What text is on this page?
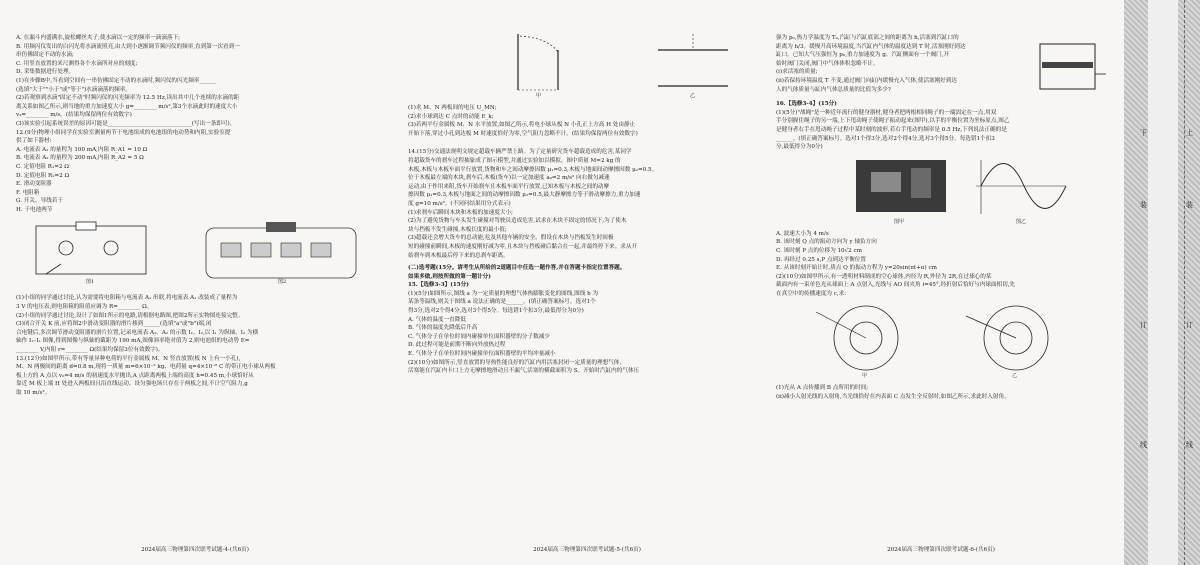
A. 在漏斗内盛满水,旋松螺丝夹子,使水滴以一定的频率一滴滴落下;

B. 用频闪仪发出的白闪光将水滴流照亮,由大到小逐渐调节频闪仪的频率,直到第一次看到一

串仿佛固定不动的水滴;

C. 用竖直放置的米尺测得各个水滴所对应的刻度;

D. 采集数据进行处理。

(1)在步骤B中,当看到空间有一串仿佛固定不动的水滴时,频闪仪的闪光频率______

(选填"大于""小于"或"等于")水滴滴落的频率。

(2)若观察到水滴"固定不动"时频闪仪的闪光频率为 12.5 Hz,读出其中几个连续的水滴的距

离关系如图乙所示,则当地的重力加速度大小 g=________ m/s²,第3个水滴此时的速度大小

v₃=________ m/s。(结果均保留两位有效数字)

(3)该实验引起系统误差的原因可能是______________________________(写出一条即可)。

12.(9分)物理小组同学在实验室测量两节干电池组成的电池组的电动势和内阻,实验室提

供了如下器材:

A. 电流表 A₁ 的量程为 100 mA,内阻 R_A1 = 10 Ω

B. 电流表 A₂ 的量程为 200 mA,内阻 R_A2 = 5 Ω

C. 定值电阻 R₁=2 Ω

D. 定值电阻 R₂=2 Ω

E. 滑动变阻器

F. 电阻箱

G. 开关、导线若干

H. 干电池两节

图1	图2

(1)小组的同学通过讨论,认为需要将电阻箱与电流表 A₁ 串联,将电流表 A₁ 改装成了量程为

3 V 的电压表,则电阻箱的阻值应调为 R=________ Ω。

(2)小组的同学通过讨论,设计了如图1所示的电路,请根据电路图,把图2所示实物图连接完整。

(3)闭合开关 K 前,应将图2中滑动变阻器的滑片移到______(选填"a"或"b")端,闭

合电键后,多次调节滑动变阻器的滑片位置,记录电流表 A₁、A₂ 的示数 I₁、I₂,以 I₁ 为纵轴、I₂ 为横

轴作 I₁–I₂ 图像,得到图像与纵轴的截距为 190 mA,图像斜率绝对值为 2,则电池组的电动势 E=

________ V,内阻 r=________ Ω(结果均保留3位有效数字)。

13.(12分)如图甲所示,带有等量异种电荷的平行金属板 M、N 竖直放置(板 N 上有一小孔),

M、N 两极间的距离 d=0.8 m,现将一质量 m=6×10⁻² kg、电荷量 q=4×10⁻⁶ C 的带正电小球从两板

板上方的 A 点以 v₀=4 m/s 的初速度水平抛出,A 点距离两板上端的高度 h=0.45 m,小球恰好从

靠近 M 板上端 H 处进入两板间且沿直线运动。设匀强电场只存在于两板之间,不计空气阻力,g

取 10 m/s²。

2024届高三物理第四次联考试题-4-(共6页)
甲	乙

(1)求 M、N 两板间的电压 U_MN;

(2)求小球到达 C 点时的动能 E_k;

(3)若两平行金属板 M、N 水平放置,如图乙所示,将电小球从板 N 小孔正上方高 H 处由静止

开始下落,穿过小孔到达板 M 时速度恰好为零,空气阻力忽略不计。(结果均保留两位有效数字)

14.(15分)交通法规明文规定超载车辆严禁上路。为了定量研究货车超载造成的危害,某同学

将超载货车的刹车过程抽象成了图示模型,并通过实验加以模拟。图中质量 M=2 kg 的

木板,木板与木板车面平行放置,货物和车之间动摩擦因数 μ₁=0.3,木板与地面间动摩擦因数 μ₂=0.5。

位于木板最左端的木块,刹车后,木板(货车)以一定加速度 a₀=2 m/s² 向右做匀减速

运动,由于作用来阻,货车开始刹车且木板车面平行放置,已知木板与木板之间的动摩

擦因数 μ₁=0.3,木板与地面之间的动摩擦因数 μ₂=0.5,最大静摩擦力等于滑动摩擦力,重力加速

度 g=10 m/s²。(不同问结果用分式表示)

(1)求刹车后瞬间木块和木板的加速度大小;

(2)为了避免货物与车头发生碰撞对驾驶员造成危害,试求在木块不固定的情况下,为了使木

块与挡板不发生碰撞,木板长度的最小值;

(3)超载还会增大货车的总动能,危及其他车辆的安全。假设在木块与挡板发生时间极

短的碰撞前瞬间,木板的速度刚好减为零,且木块与挡板碰后黏合在一起,并最终停下来。求从开

始刹车到木板最后停下来的总刹车距离。

(二)选考题(15分。请考生从所给的2道题目中任选一题作答,并在答题卡指定位置答题。

如果多做,则按所做的第一题计分)

15.【选修3-3】(15分)

(1)(5分)如图所示,图线 a 为一定质量的理想气体热膨胀变化的图线,图线 b 为

某条等温线,则关于图线 a 说法正确的是______。(填正确答案标号。选对1个

得3分,选对2个得4分,选对3个得5分。每选错1个扣3分,最低得分为0分)

A. 气体的温度一直降低

B. 气体的温度先降低后升高

C. 气体分子在单位时间内碰撞单位面积器壁的分子数减少

D. 此过程可能是前期不断向外放热过程

E. 气体分子在单位时间内碰撞单位面积器壁的平均冲量减小

(2)(10分)如图所示,竖直放置的导热性能良好的汽缸内用活塞封闭一定质量的理想气体,

活塞能在汽缸内卡口上方无摩擦地滑动且不漏气,活塞的横截面积为 S。开始时汽缸内的气体压

2024届高三物理第四次联考试题-5-(共6页)

强为 p₀,热力学温度为 T₀,汽缸与汽缸底部之间的距离为 h,活塞到汽缸口的

距离为 h/3。缓慢升高环境温度,当汽缸内气体的温度达到 T 时,活塞刚好到达

缸口。已知大气压强恒为 p₀,重力加速度为 g。汽缸侧面有一个阀门,开

始时阀门关闭,阀门中气体体积忽略不计。

(i)求活塞的质量;

(ii)若保持环境温度 T 不变,通过阀门向缸内缓慢充入气体,使活塞刚好到达

人的气体质量与缸内气体总质量的比值为多少?

16.【选修3-4】(15分)

(1)(5分)"战绳"是一种近年流行的健身器材,健身者把两根相同绳子的一端固定在一点,用双

手分别握住绳子的另一端,上下甩动绳子使绳子振动起来(图甲),以手的平衡位置为坐标原点,图乙

是健身者右手在甩动绳子过程中某时刻的波形,若右手甩动的频率是 0.5 Hz,下列说法正确的是

______。(填正确答案标号。选对1个得3分,选对2个得4分,选对3个得5分。每选错1个扣3

分,最低得分为0分)

图甲	图乙

A. 波速大小为 4 m/s

B. 该时刻 Q 点的振动方向为 y 轴负方向

C. 该时刻 P 点的位移为 10√2 cm

D. 再经过 0.25 s,P 点到达平衡位置

E. 从该时刻开始计时,质点 Q 的振动方程为 y=20sin(πt+π) cm

(2)(10分)如图甲所示,有一透明材料制成的空心球体,内径为 R,外径为 2R,在过球心的某

截面内有一束单色光从球面上 A 点射入,光线与 AO 间夹角 i=45°,经折射后恰好与内球面相切,先

在真空中的传播速度为 c,求:

甲	乙

(1)光从 A 点传播到 B 点所用的时间;

(ii)减小入射光线的入射角,当光线恰好在内表面 C 点发生全反射时,如图乙所示,求此时入射角。

2024届高三物理第四次联考试题-6-(共6页)
下	上
装	装
订	订
线	线
